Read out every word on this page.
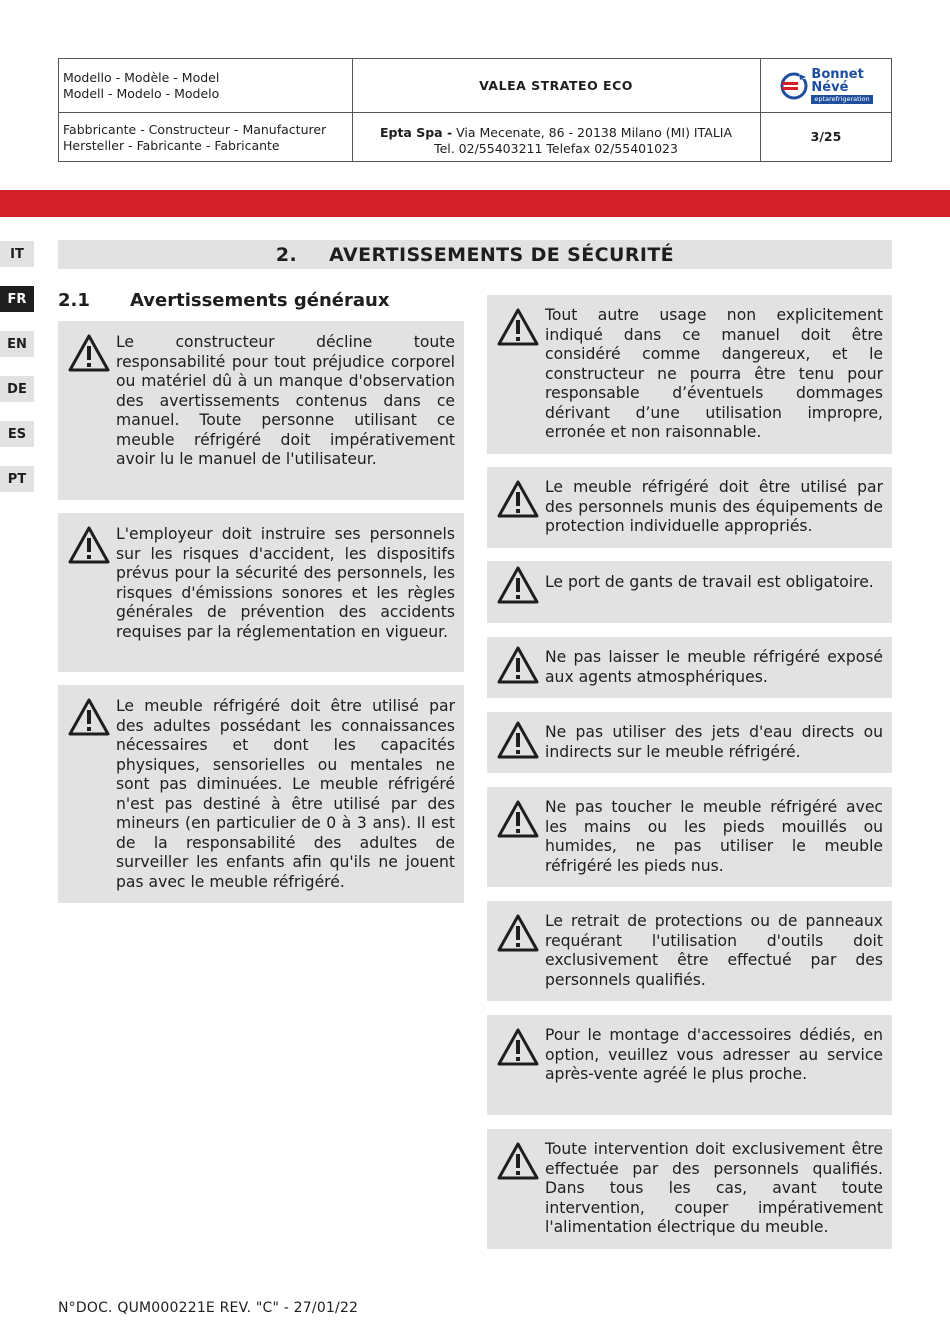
Modello - Modèle - Model
Modell - Modelo - Modelo
VALEA STRATEO ECO
Bonnet
Névé
eptarefrigeration
Fabbricante - Constructeur - Manufacturer
Hersteller - Fabricante - Fabricante
Epta Spa - Via Mecenate, 86 - 20138 Milano (MI) ITALIA
Tel. 02/55403211 Telefax 02/55401023
3/25
IT
FR
EN
DE
ES
PT
2. AVERTISSEMENTS DE SÉCURITÉ
2.1 Avertissements généraux
Le constructeur décline toute responsabilité pour tout préjudice corporel ou matériel dû à un manque d'observation des avertissements contenus dans ce manuel. Toute personne utilisant ce meuble réfrigéré doit impérativement avoir lu le manuel de l'utilisateur.
L'employeur doit instruire ses personnels sur les risques d'accident, les dispositifs prévus pour la sécurité des personnels, les risques d'émissions sonores et les règles générales de prévention des accidents requises par la réglementation en vigueur.
Le meuble réfrigéré doit être utilisé par des adultes possédant les connaissances nécessaires et dont les capacités physiques, sensorielles ou mentales ne sont pas diminuées. Le meuble réfrigéré n'est pas destiné à être utilisé par des mineurs (en particulier de 0 à 3 ans). Il est de la responsabilité des adultes de surveiller les enfants afin qu'ils ne jouent pas avec le meuble réfrigéré.
Tout autre usage non explicitement indiqué dans ce manuel doit être considéré comme dangereux, et le constructeur ne pourra être tenu pour responsable d’éventuels dommages dérivant d’une utilisation impropre, erronée et non raisonnable.
Le meuble réfrigéré doit être utilisé par des personnels munis des équipements de protection individuelle appropriés.
Le port de gants de travail est obligatoire.
Ne pas laisser le meuble réfrigéré exposé aux agents atmosphériques.
Ne pas utiliser des jets d'eau directs ou indirects sur le meuble réfrigéré.
Ne pas toucher le meuble réfrigéré avec les mains ou les pieds mouillés ou humides, ne pas utiliser le meuble réfrigéré les pieds nus.
Le retrait de protections ou de panneaux requérant l'utilisation d'outils doit exclusivement être effectué par des personnels qualifiés.
Pour le montage d'accessoires dédiés, en option, veuillez vous adresser au service après-vente agréé le plus proche.
Toute intervention doit exclusivement être effectuée par des personnels qualifiés. Dans tous les cas, avant toute intervention, couper impérativement l'alimentation électrique du meuble.
N°DOC. QUM000221E REV. "C" - 27/01/22
